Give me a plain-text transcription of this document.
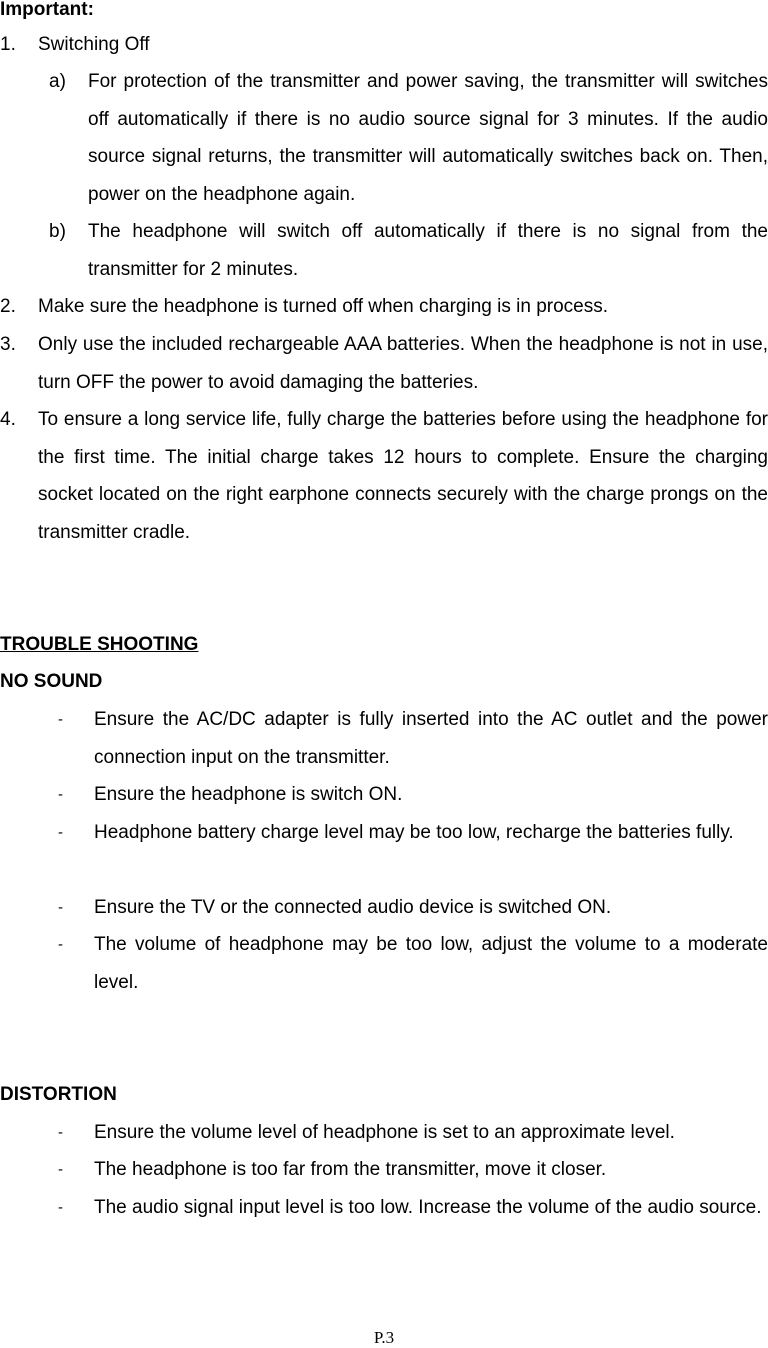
Important:
1. Switching Off
a) For protection of the transmitter and power saving, the transmitter will switches off automatically if there is no audio source signal for 3 minutes. If the audio source signal returns, the transmitter will automatically switches back on. Then, power on the headphone again.
b) The headphone will switch off automatically if there is no signal from the transmitter for 2 minutes.
2. Make sure the headphone is turned off when charging is in process.
3. Only use the included rechargeable AAA batteries. When the headphone is not in use, turn OFF the power to avoid damaging the batteries.
4. To ensure a long service life, fully charge the batteries before using the headphone for the first time. The initial charge takes 12 hours to complete. Ensure the charging socket located on the right earphone connects securely with the charge prongs on the transmitter cradle.
TROUBLE SHOOTING
NO SOUND
- Ensure the AC/DC adapter is fully inserted into the AC outlet and the power connection input on the transmitter.
- Ensure the headphone is switch ON.
- Headphone battery charge level may be too low, recharge the batteries fully.
- Ensure the TV or the connected audio device is switched ON.
- The volume of headphone may be too low, adjust the volume to a moderate level.
DISTORTION
- Ensure the volume level of headphone is set to an approximate level.
- The headphone is too far from the transmitter, move it closer.
- The audio signal input level is too low. Increase the volume of the audio source.
P.3
